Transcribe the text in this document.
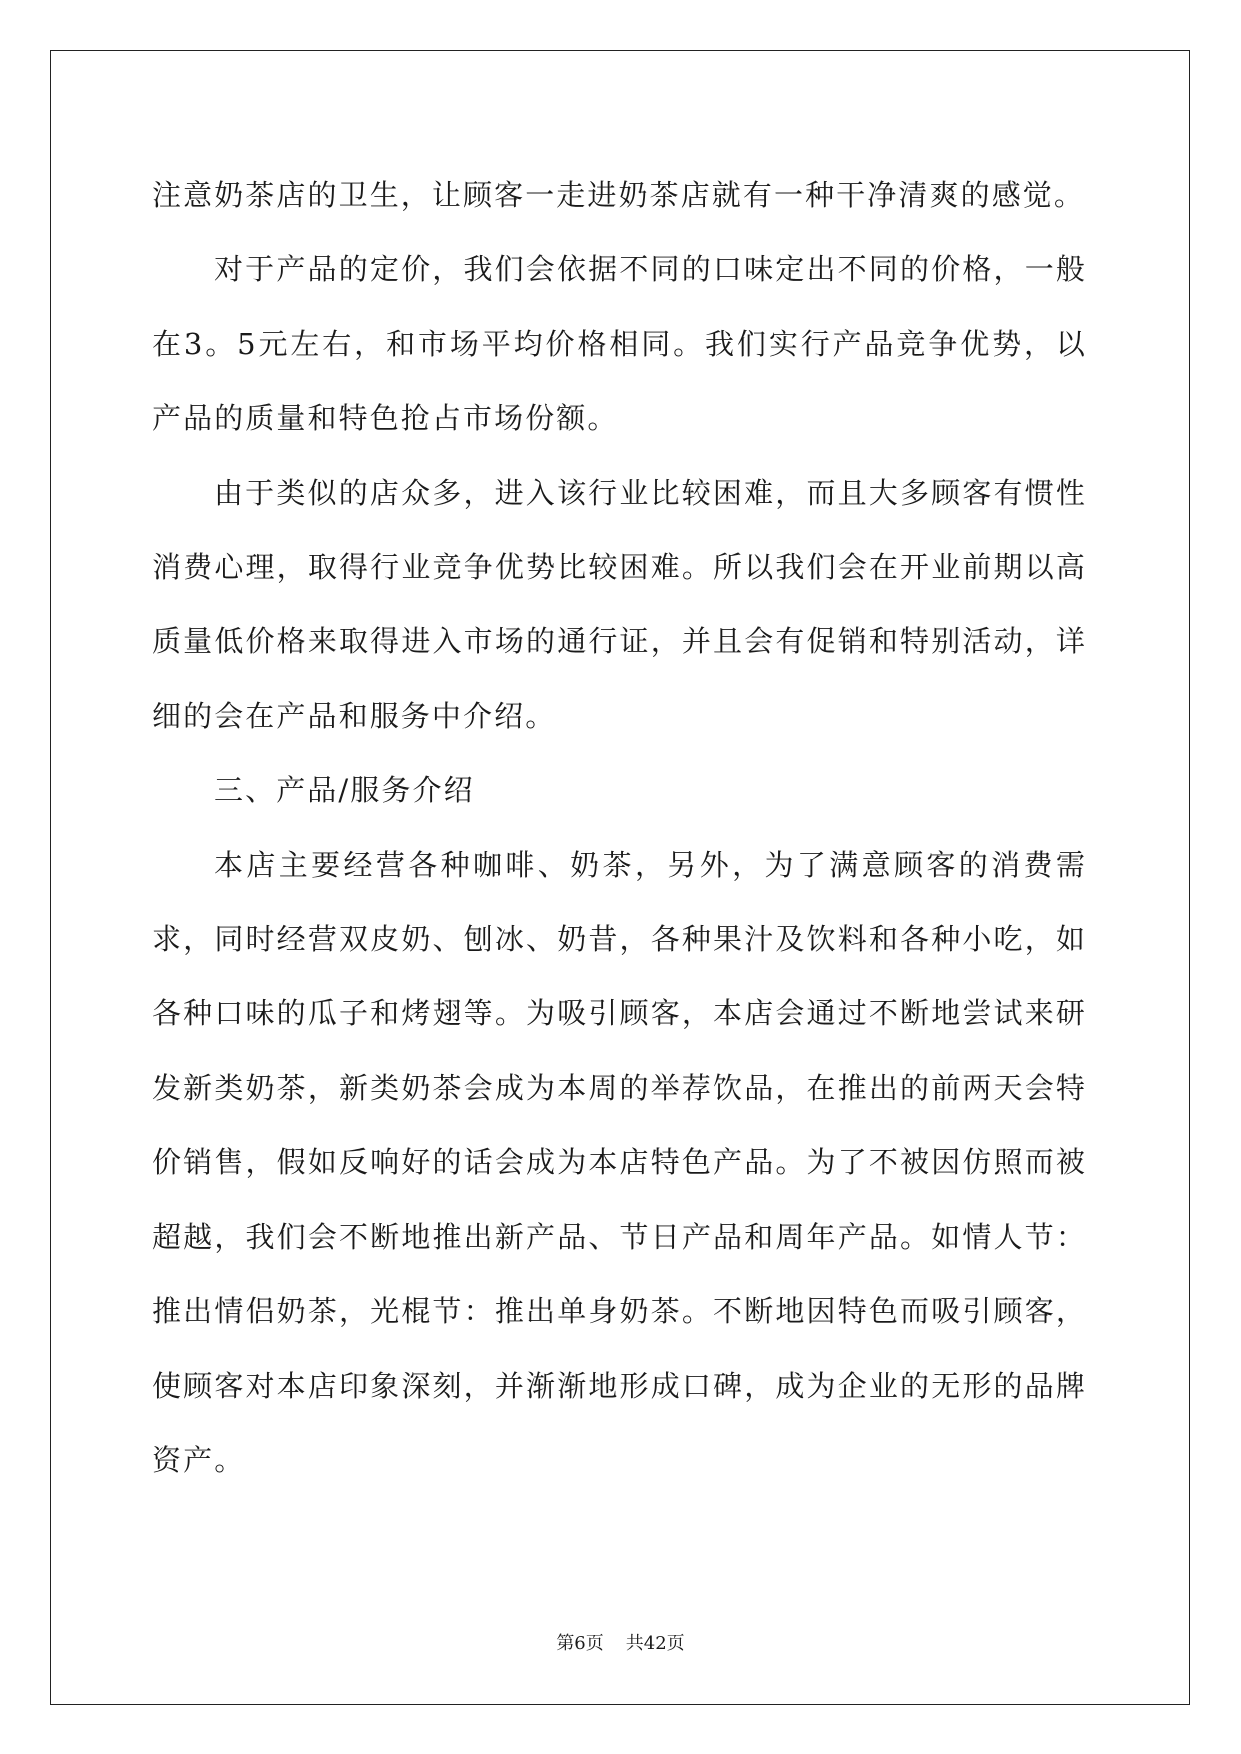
注意奶茶店的卫生，让顾客一走进奶茶店就有一种干净清爽的感觉。

对于产品的定价，我们会依据不同的口味定出不同的价格，一般在3。5元左右，和市场平均价格相同。我们实行产品竞争优势，以产品的质量和特色抢占市场份额。

由于类似的店众多，进入该行业比较困难，而且大多顾客有惯性消费心理，取得行业竞争优势比较困难。所以我们会在开业前期以高质量低价格来取得进入市场的通行证，并且会有促销和特别活动，详细的会在产品和服务中介绍。

三、产品/服务介绍

本店主要经营各种咖啡、奶茶，另外，为了满意顾客的消费需求，同时经营双皮奶、刨冰、奶昔，各种果汁及饮料和各种小吃，如各种口味的瓜子和烤翅等。为吸引顾客，本店会通过不断地尝试来研发新类奶茶，新类奶茶会成为本周的举荐饮品，在推出的前两天会特价销售，假如反响好的话会成为本店特色产品。为了不被因仿照而被超越，我们会不断地推出新产品、节日产品和周年产品。如情人节：推出情侣奶茶，光棍节：推出单身奶茶。不断地因特色而吸引顾客，使顾客对本店印象深刻，并渐渐地形成口碑，成为企业的无形的品牌资产。

第6页 共42页
